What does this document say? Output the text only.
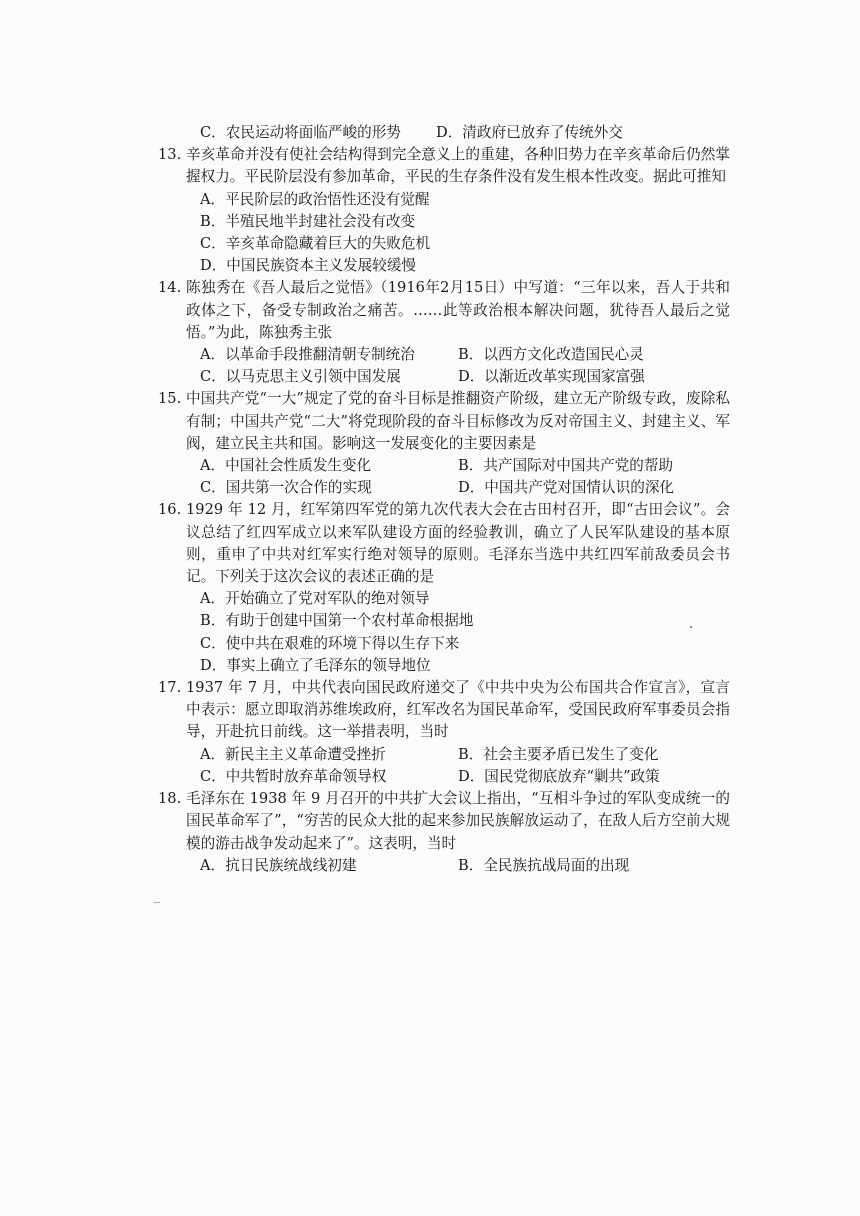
C．农民运动将面临严峻的形势	D．清政府已放弃了传统外交
13. 辛亥革命并没有使社会结构得到完全意义上的重建，各种旧势力在辛亥革命后仍然掌握权力。平民阶层没有参加革命，平民的生存条件没有发生根本性改变。据此可推知
A．平民阶层的政治悟性还没有觉醒
B．半殖民地半封建社会没有改变
C．辛亥革命隐藏着巨大的失败危机
D．中国民族资本主义发展较缓慢
14. 陈独秀在《吾人最后之觉悟》（1916年2月15日）中写道：“三年以来，吾人于共和政体之下，备受专制政治之痛苦。……此等政治根本解决问题，犹待吾人最后之觉悟。”为此，陈独秀主张
A．以革命手段推翻清朝专制统治	B．以西方文化改造国民心灵
C．以马克思主义引领中国发展	D．以渐近改革实现国家富强
15. 中国共产党“一大”规定了党的奋斗目标是推翻资产阶级，建立无产阶级专政，废除私有制；中国共产党“二大”将党现阶段的奋斗目标修改为反对帝国主义、封建主义、军阀，建立民主共和国。影响这一发展变化的主要因素是
A．中国社会性质发生变化	B．共产国际对中国共产党的帮助
C．国共第一次合作的实现	D．中国共产党对国情认识的深化
16. 1929 年 12 月，红军第四军党的第九次代表大会在古田村召开，即“古田会议”。会议总结了红四军成立以来军队建设方面的经验教训，确立了人民军队建设的基本原则，重申了中共对红军实行绝对领导的原则。毛泽东当选中共红四军前敌委员会书记。下列关于这次会议的表述正确的是
A．开始确立了党对军队的绝对领导
B．有助于创建中国第一个农村革命根据地
C．使中共在艰难的环境下得以生存下来
D．事实上确立了毛泽东的领导地位
17. 1937 年 7 月，中共代表向国民政府递交了《中共中央为公布国共合作宣言》，宣言中表示：愿立即取消苏维埃政府，红军改名为国民革命军，受国民政府军事委员会指导，开赴抗日前线。这一举措表明，当时
A．新民主主义革命遭受挫折	B．社会主要矛盾已发生了变化
C．中共暂时放弃革命领导权	D．国民党彻底放弃“剿共”政策
18. 毛泽东在 1938 年 9 月召开的中共扩大会议上指出，“互相斗争过的军队变成统一的国民革命军了”，“穷苦的民众大批的起来参加民族解放运动了，在敌人后方空前大规模的游击战争发动起来了”。这表明，当时
A．抗日民族统战线初建	B．全民族抗战局面的出现
